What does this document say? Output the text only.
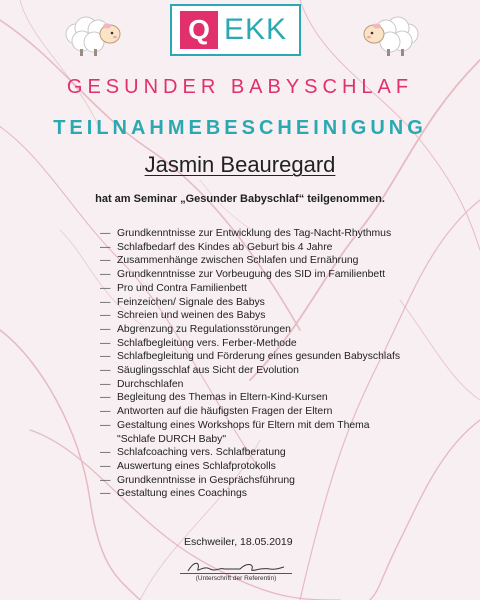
Q EKK
GESUNDER BABYSCHLAF
TEILNAHMEBESCHEINIGUNG
Jasmin Beauregard
hat am Seminar „Gesunder Babyschlaf“ teilgenommen.
— Grundkenntnisse zur Entwicklung des Tag-Nacht-Rhythmus
— Schlafbedarf des Kindes ab Geburt bis 4 Jahre
— Zusammenhänge zwischen Schlafen und Ernährung
— Grundkenntnisse zur Vorbeugung des SID im Familienbett
— Pro und Contra Familienbett
— Feinzeichen/ Signale des Babys
— Schreien und weinen des Babys
— Abgrenzung zu Regulationsstörungen
— Schlafbegleitung vers. Ferber-Methode
— Schlafbegleitung und Förderung eines gesunden Babyschlafs
— Säuglingsschlaf aus Sicht der Evolution
— Durchschlafen
— Begleitung des Themas in Eltern-Kind-Kursen
— Antworten auf die häufigsten Fragen der Eltern
— Gestaltung eines Workshops für Eltern mit dem Thema
"Schlafe DURCH Baby"
— Schlafcoaching vers. Schlafberatung
— Auswertung eines Schlafprotokolls
— Grundkenntnisse in Gesprächsführung
— Gestaltung eines Coachings
Eschweiler, 18.05.2019
(Unterschrift der Referentin)
